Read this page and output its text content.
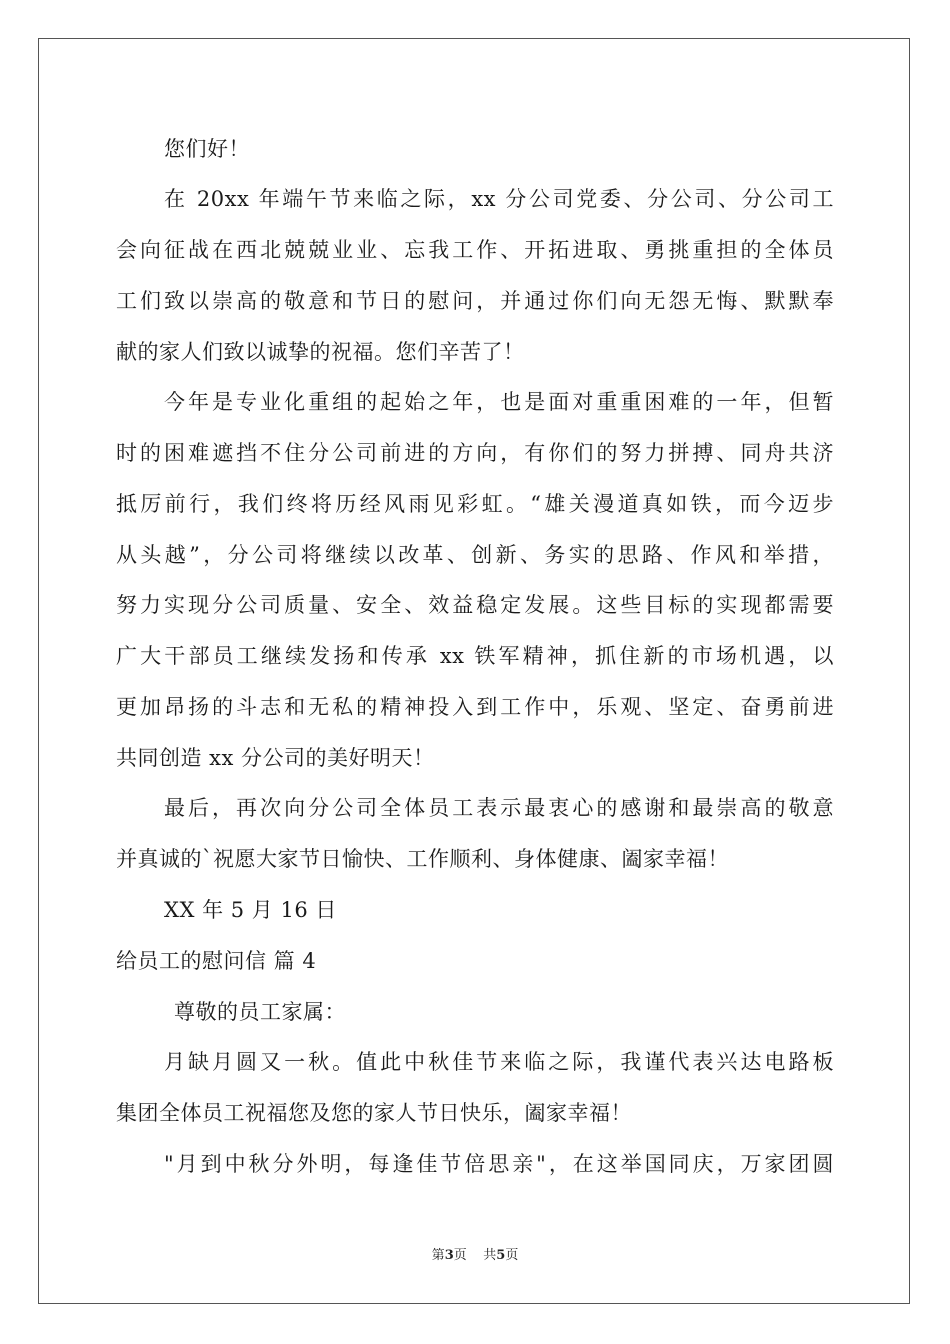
您们好！
在 20xx 年端午节来临之际，xx 分公司党委、分公司、分公司工
会向征战在西北兢兢业业、忘我工作、开拓进取、勇挑重担的全体员
工们致以崇高的敬意和节日的慰问，并通过你们向无怨无悔、默默奉
献的家人们致以诚挚的祝福。您们辛苦了！
今年是专业化重组的起始之年，也是面对重重困难的一年，但暂
时的困难遮挡不住分公司前进的方向，有你们的努力拼搏、同舟共济
抵厉前行，我们终将历经风雨见彩虹。“雄关漫道真如铁，而今迈步
从头越”，分公司将继续以改革、创新、务实的思路、作风和举措，
努力实现分公司质量、安全、效益稳定发展。这些目标的实现都需要
广大干部员工继续发扬和传承 xx 铁军精神，抓住新的市场机遇，以
更加昂扬的斗志和无私的精神投入到工作中，乐观、坚定、奋勇前进
共同创造 xx 分公司的美好明天！
最后，再次向分公司全体员工表示最衷心的感谢和最崇高的敬意
并真诚的`祝愿大家节日愉快、工作顺利、身体健康、阖家幸福！
XX 年 5 月 16 日
给员工的慰问信 篇 4
尊敬的员工家属：
月缺月圆又一秋。值此中秋佳节来临之际，我谨代表兴达电路板
集团全体员工祝福您及您的家人节日快乐，阖家幸福！
"月到中秋分外明，每逢佳节倍思亲"，在这举国同庆，万家团圆
第3页    共5页
